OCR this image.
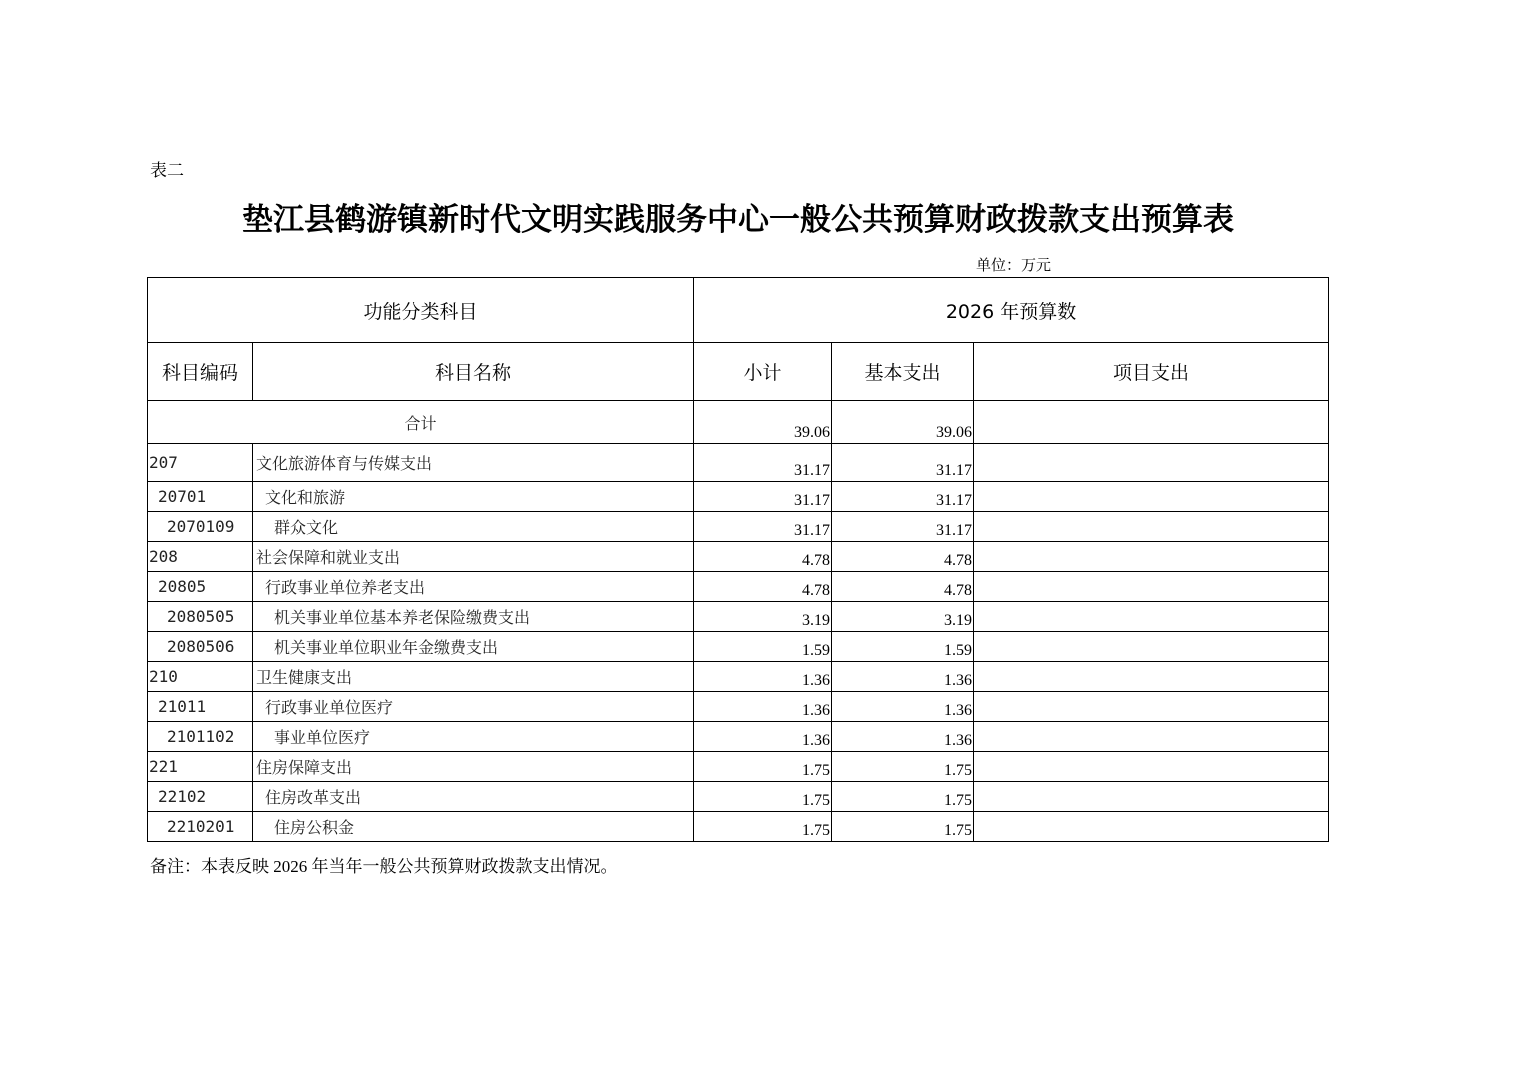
表二
垫江县鹤游镇新时代文明实践服务中心一般公共预算财政拨款支出预算表
单位：万元
功能分类科目		2026 年预算数		
科目编码	科目名称	小计	基本支出	项目支出
合计		39.06	39.06	
207	文化旅游体育与传媒支出	31.17	31.17	
20701	文化和旅游	31.17	31.17	
2070109	群众文化	31.17	31.17	
208	社会保障和就业支出	4.78	4.78	
20805	行政事业单位养老支出	4.78	4.78	
2080505	机关事业单位基本养老保险缴费支出	3.19	3.19	
2080506	机关事业单位职业年金缴费支出	1.59	1.59	
210	卫生健康支出	1.36	1.36	
21011	行政事业单位医疗	1.36	1.36	
2101102	事业单位医疗	1.36	1.36	
221	住房保障支出	1.75	1.75	
22102	住房改革支出	1.75	1.75	
2210201	住房公积金	1.75	1.75	
备注：本表反映 2026 年当年一般公共预算财政拨款支出情况。
